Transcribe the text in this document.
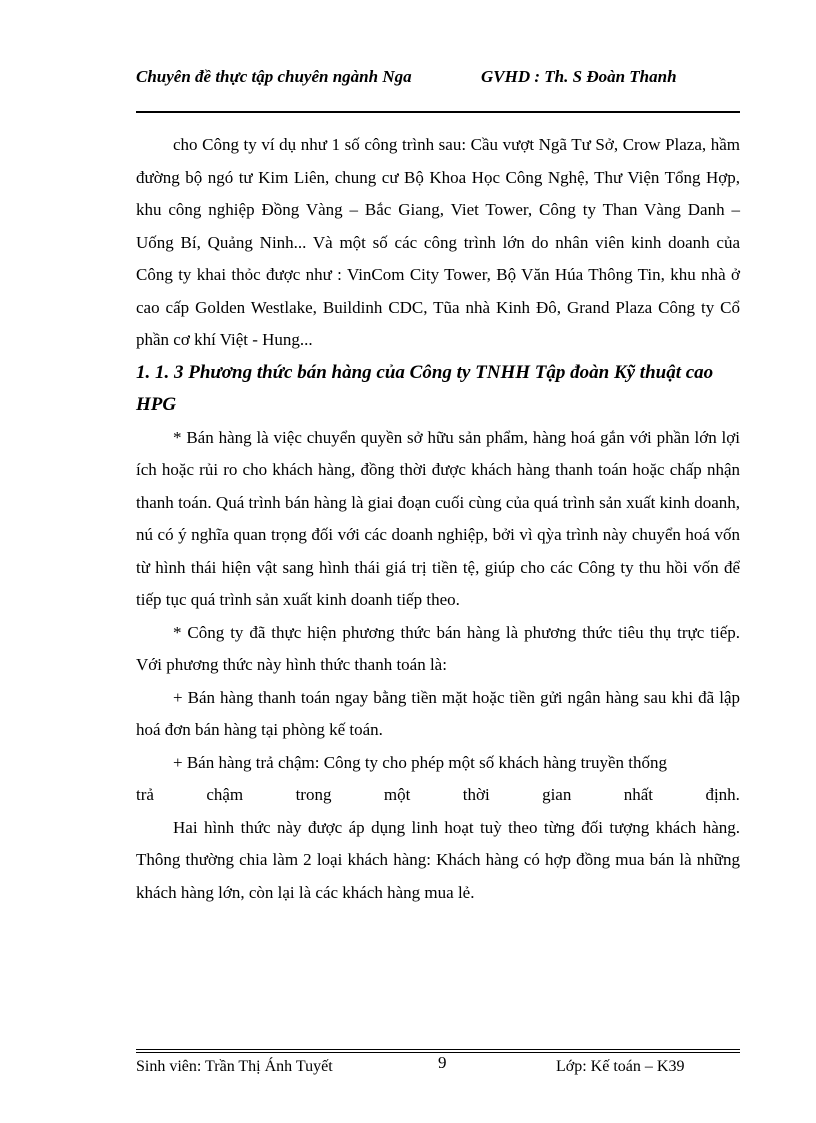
Chuyên đề thực tập chuyên ngành Nga	GVHD : Th. S Đoàn Thanh

cho Công ty ví dụ như 1 số công trình sau: Cầu vượt Ngã Tư Sở, Crow Plaza, hầm đường bộ ngó tư Kim Liên, chung cư Bộ Khoa Học Công Nghệ, Thư Viện Tổng Hợp, khu công nghiệp Đồng Vàng – Bắc Giang, Viet Tower, Công ty Than Vàng Danh – Uống Bí, Quảng Ninh... Và một số các công trình lớn do nhân viên kinh doanh của Công ty khai thỏc được như : VinCom City Tower, Bộ Văn Húa Thông Tin, khu nhà ở cao cấp Golden Westlake, Buildinh CDC, Tũa nhà Kinh Đô, Grand Plaza Công ty Cổ phần cơ khí Việt - Hung...

1. 1. 3 Phương thức bán hàng của Công ty TNHH Tập đoàn Kỹ thuật cao HPG

* Bán hàng là việc chuyển quyền sở hữu sản phẩm, hàng hoá gắn với phần lớn lợi ích hoặc rủi ro cho khách hàng, đồng thời được khách hàng thanh toán hoặc chấp nhận thanh toán. Quá trình bán hàng là giai đoạn cuối cùng của quá trình sản xuất kinh doanh, nú có ý nghĩa quan trọng đối với các doanh nghiệp, bởi vì qỳa trình này chuyển hoá vốn từ hình thái hiện vật sang hình thái giá trị tiền tệ, giúp cho các Công ty thu hồi vốn để tiếp tục quá trình sản xuất kinh doanh tiếp theo.

* Công ty đã thực hiện phương thức bán hàng là phương thức tiêu thụ trực tiếp. Với phương thức này hình thức thanh toán là:

+ Bán hàng thanh toán ngay bằng tiền mặt hoặc tiền gửi ngân hàng sau khi đã lập hoá đơn bán hàng tại phòng kế toán.

+ Bán hàng trả chậm: Công ty cho phép một số khách hàng truyền thống

trả	chậm	trong	một	thời	gian	nhất	định.

Hai hình thức này được áp dụng linh hoạt tuỳ theo từng đối tượng khách hàng. Thông thường chia làm 2 loại khách hàng: Khách hàng có hợp đồng mua bán là những khách hàng lớn, còn lại là các khách hàng mua lẻ.

Sinh viên: Trần Thị Ánh Tuyết	9	Lớp: Kế toán – K39
